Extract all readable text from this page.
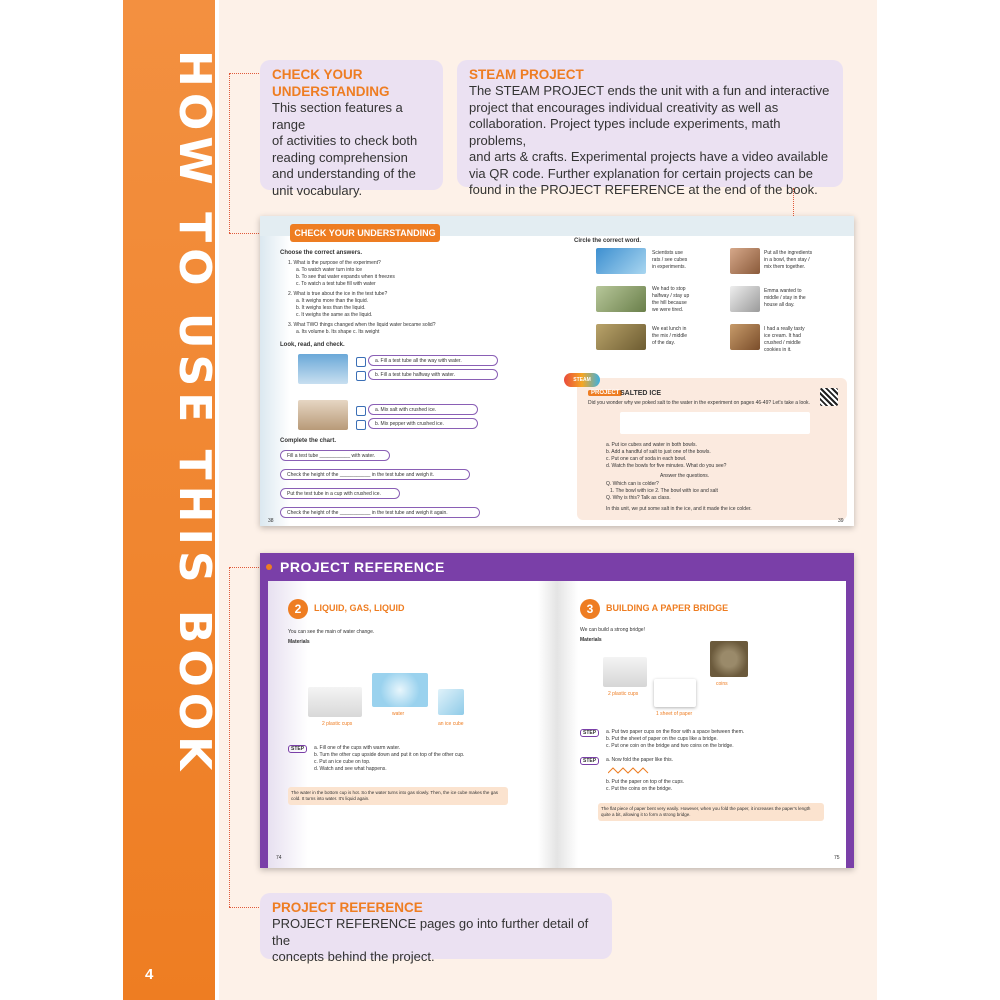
HOW TO USE THIS BOOK
4
CHECK YOUR UNDERSTANDING
This section features a range
of activities to check both
reading comprehension
and understanding of the
unit vocabulary.
STEAM PROJECT
The STEAM PROJECT ends the unit with a fun and interactive
project that encourages individual creativity as well as
collaboration. Project types include experiments, math problems,
and arts & crafts. Experimental projects have a video available
via QR code. Further explanation for certain projects can be
found in the PROJECT REFERENCE at the end of the book.
CHECK YOUR UNDERSTANDING
Choose the correct answers.
1. What is the purpose of the experiment?
a. To watch water turn into ice
b. To see that water expands when it freezes
c. To watch a test tube fill with water
2. What is true about the ice in the test tube?
a. It weighs more than the liquid.
b. It weighs less than the liquid.
c. It weighs the same as the liquid.
3. What TWO things changed when the liquid water became solid?
a. Its volume b. Its shape c. Its weight
Look, read, and check.
a. Fill a test tube all the way with water.
b. Fill a test tube halfway with water.
a. Mix salt with crushed ice.
b. Mix pepper with crushed ice.
Complete the chart.
Fill a test tube ___________ with water.
Check the height of the ___________ in the test tube and weigh it.
Put the test tube in a cup with crushed ice.
Check the height of the ___________ in the test tube and weigh it again.
38
Circle the correct word.
Scientists use
rats / see cubes
in experiments.
Put all the ingredients
in a bowl, then stay /
mix them together.
We had to stop
halfway / stay up
the hill because
we were tired.
Emma wanted to
middle / stay in the
house all day.
We eat lunch in
the mix / middle
of the day.
I had a really tasty
ice cream. It had
crushed / middle
cookies in it.
STEAM
PROJECT SALTED ICE
Did you wonder why we poked salt to the water in the experiment on pages 46-49? Let's take a look.
a. Put ice cubes and water in both bowls.
b. Add a handful of salt to just one of the bowls.
c. Put one can of soda in each bowl.
d. Watch the bowls for five minutes. What do you see?
Answer the questions.
Q. Which can is colder?
1. The bowl with ice 2. The bowl with ice and salt
Q. Why is this? Talk as class.
In this unit, we put some salt in the ice, and it made the ice colder.
39
PROJECT REFERENCE
2	LIQUID, GAS, LIQUID
You can see the main of water change.
Materials
2 plastic cups
water
an ice cube
STEP	a. Fill one of the cups with warm water.
b. Turn the other cup upside down and put it on top of the other cup.
c. Put an ice cube on top.
d. Watch and see what happens.
The water in the bottom cup is hot. So the water turns into gas slowly. Then, the ice cube makes the gas cold. It turns into water. It's liquid again.
74
3	BUILDING A PAPER BRIDGE
We can build a strong bridge!
Materials
2 plastic cups
coins
1 sheet of paper
STEP	a. Put two paper cups on the floor with a space between them.
b. Put the sheet of paper on the cups like a bridge.
c. Put one coin on the bridge and two coins on the bridge.
STEP	a. Now fold the paper like this.
b. Put the paper on top of the cups.
c. Put the coins on the bridge.
The flat piece of paper bent very easily. However, when you fold the paper, it increases the paper's length quite a bit, allowing it to form a strong bridge.
75
PROJECT REFERENCE
PROJECT REFERENCE pages go into further detail of the
concepts behind the project.
